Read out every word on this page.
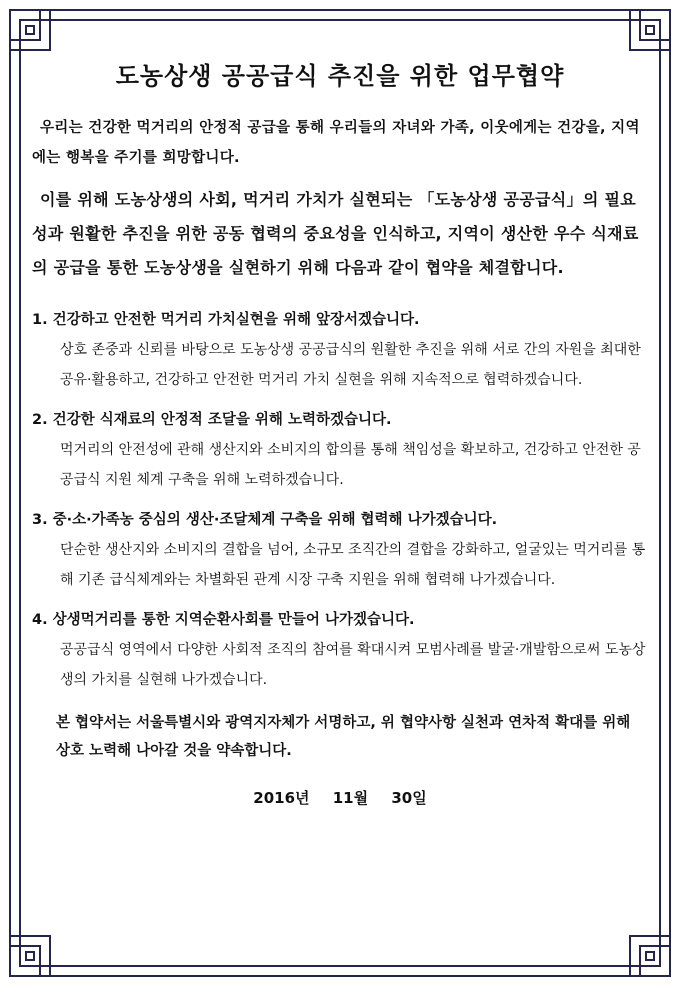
도농상생 공공급식 추진을 위한 업무협약

우리는 건강한 먹거리의 안정적 공급을 통해 우리들의 자녀와 가족, 이웃에게는 건강을, 지역에는 행복을 주기를 희망합니다.

이를 위해 도농상생의 사회, 먹거리 가치가 실현되는 「도농상생 공공급식」의 필요성과 원활한 추진을 위한 공동 협력의 중요성을 인식하고, 지역이 생산한 우수 식재료의 공급을 통한 도농상생을 실현하기 위해 다음과 같이 협약을 체결합니다.

1. 건강하고 안전한 먹거리 가치실현을 위해 앞장서겠습니다.

상호 존중과 신뢰를 바탕으로 도농상생 공공급식의 원활한 추진을 위해 서로 간의 자원을 최대한 공유·활용하고, 건강하고 안전한 먹거리 가치 실현을 위해 지속적으로 협력하겠습니다.

2. 건강한 식재료의 안정적 조달을 위해 노력하겠습니다.

먹거리의 안전성에 관해 생산지와 소비지의 합의를 통해 책임성을 확보하고, 건강하고 안전한 공공급식 지원 체계 구축을 위해 노력하겠습니다.

3. 중·소·가족농 중심의 생산·조달체계 구축을 위해 협력해 나가겠습니다.

단순한 생산지와 소비지의 결합을 넘어, 소규모 조직간의 결합을 강화하고, 얼굴있는 먹거리를 통해 기존 급식체계와는 차별화된 관계 시장 구축 지원을 위해 협력해 나가겠습니다.

4. 상생먹거리를 통한 지역순환사회를 만들어 나가겠습니다.

공공급식 영역에서 다양한 사회적 조직의 참여를 확대시켜 모범사례를 발굴·개발함으로써 도농상생의 가치를 실현해 나가겠습니다.

본 협약서는 서울특별시와 광역지자체가 서명하고, 위 협약사항 실천과 연차적 확대를 위해 상호 노력해 나아갈 것을 약속합니다.

2016년 11월 30일
